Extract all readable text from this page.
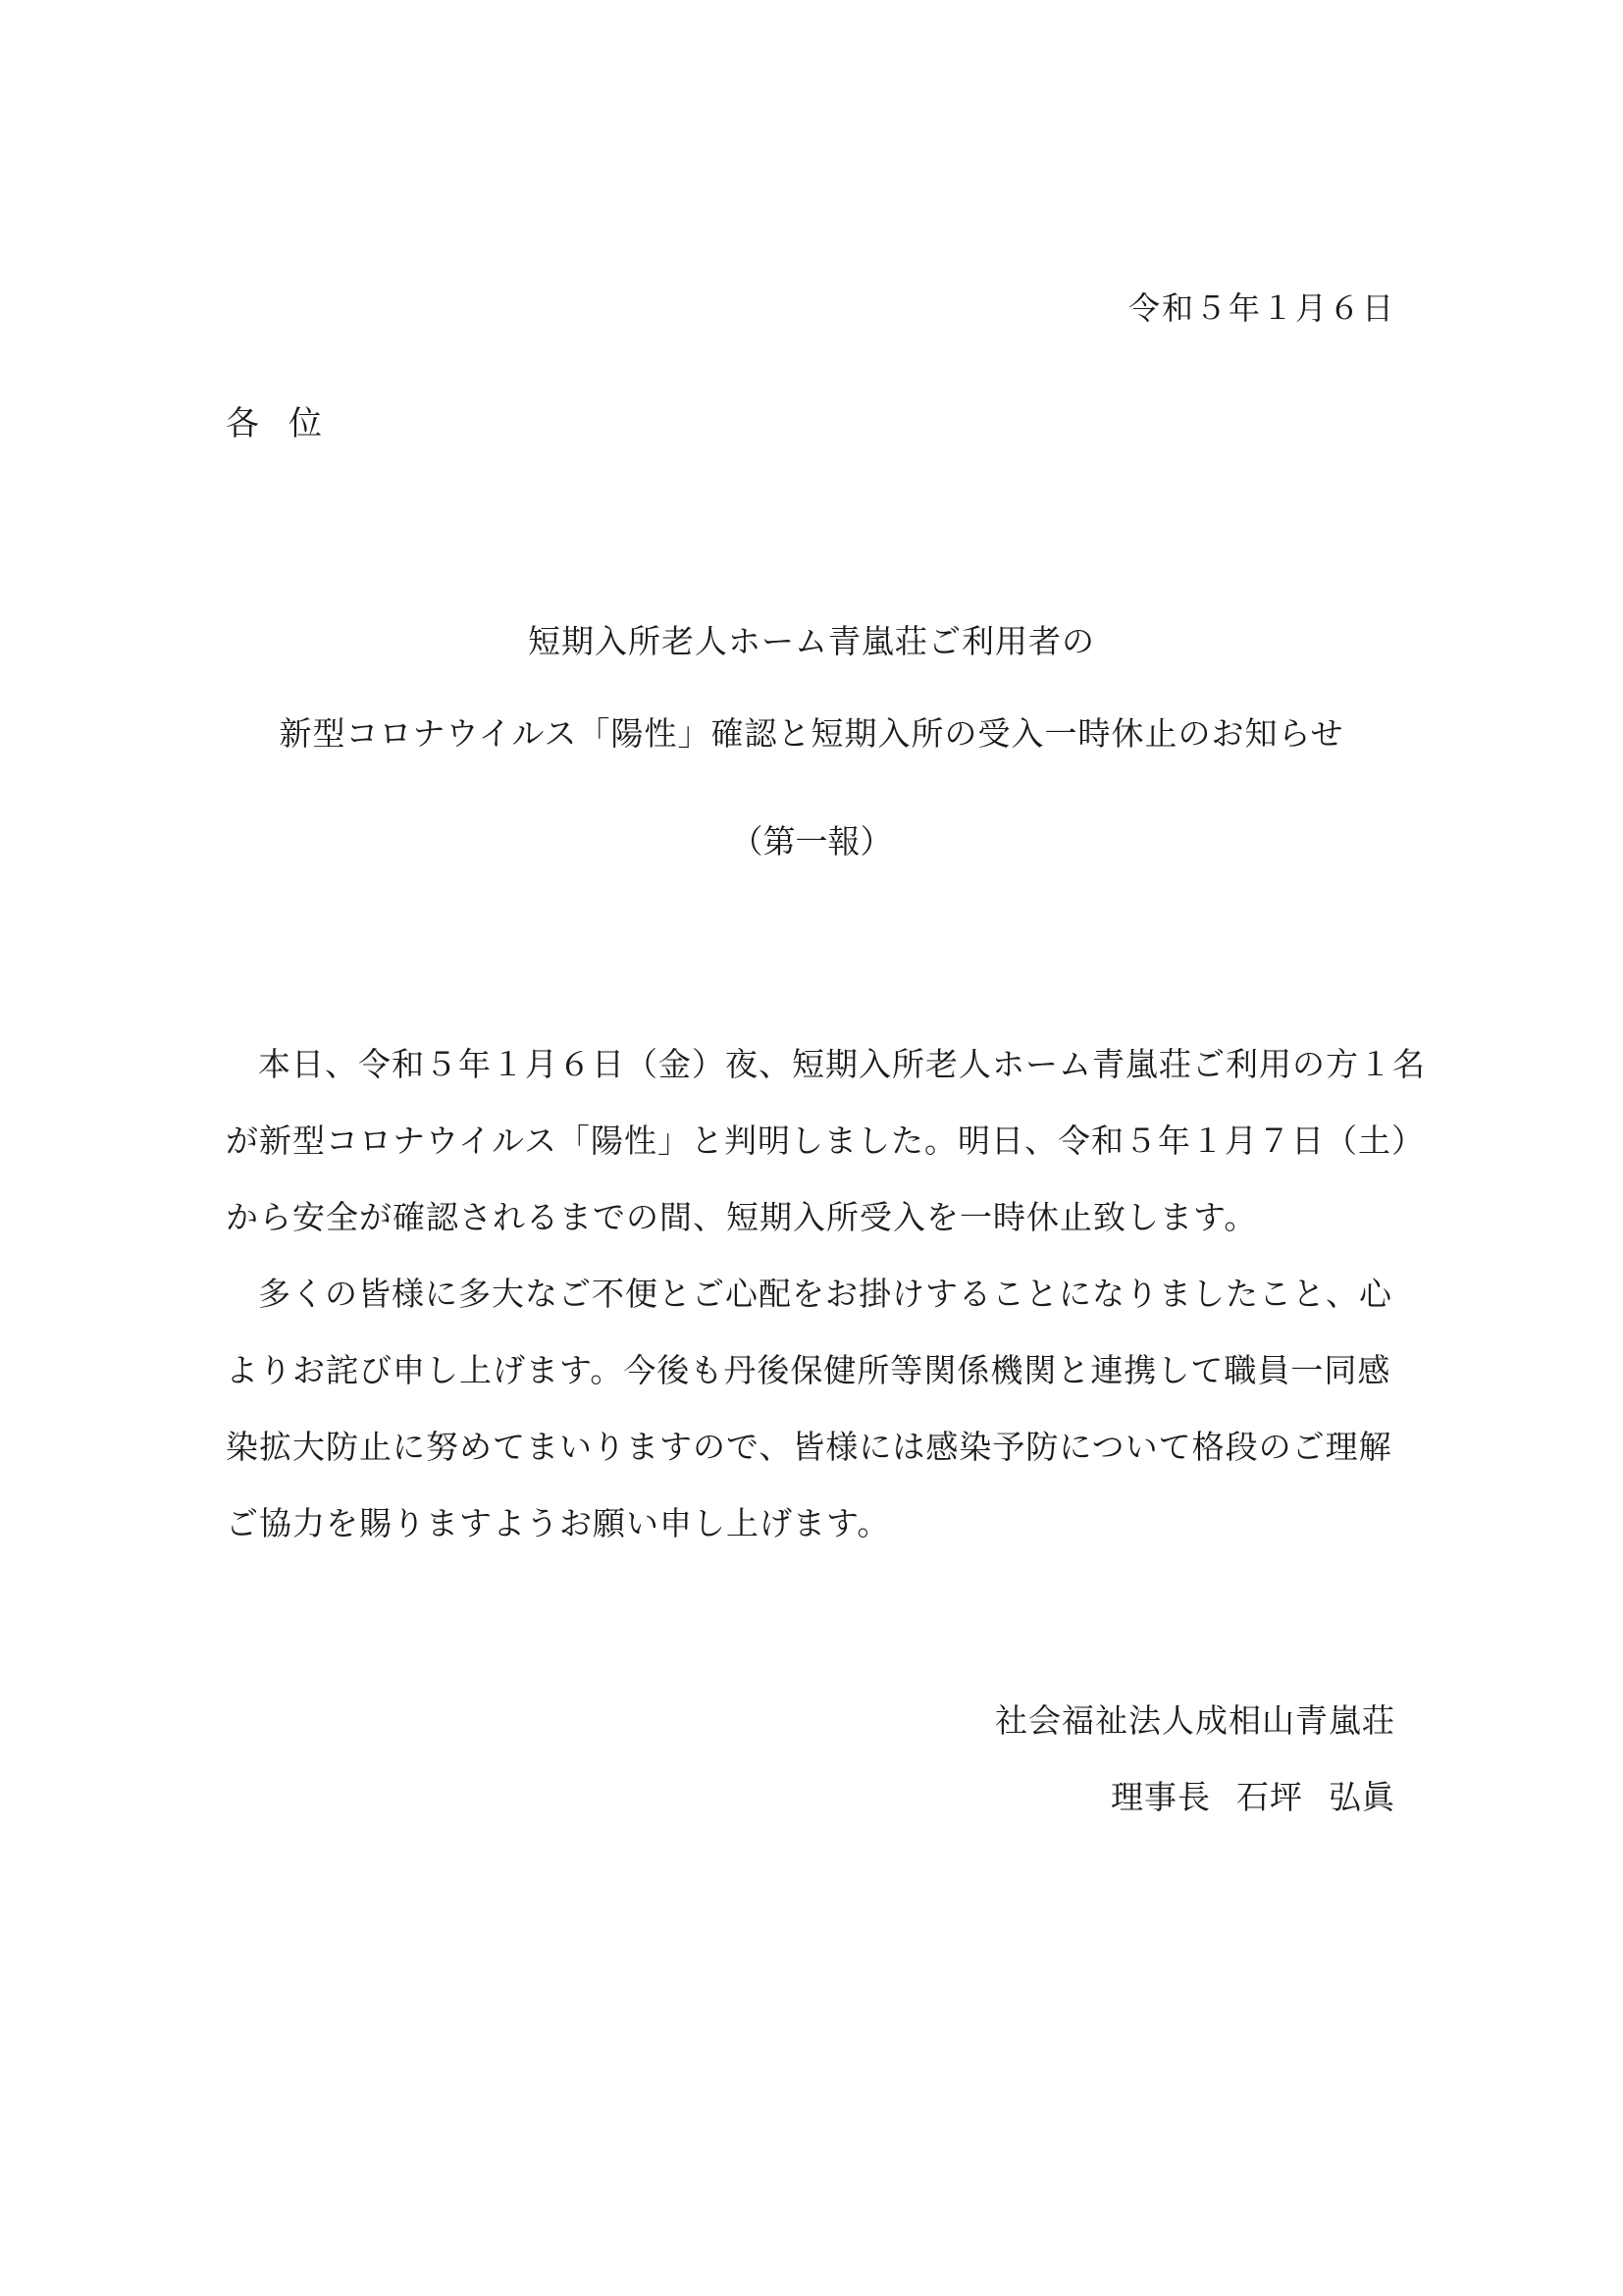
令和５年１月６日
各位
短期入所老人ホーム青嵐荘ご利用者の
新型コロナウイルス「陽性」確認と短期入所の受入一時休止のお知らせ
（第一報）

本日、令和５年１月６日（金）夜、短期入所老人ホーム青嵐荘ご利用の方１名
が新型コロナウイルス「陽性」と判明しました。明日、令和５年１月７日（土）
から安全が確認されるまでの間、短期入所受入を一時休止致します。

多くの皆様に多大なご不便とご心配をお掛けすることになりましたこと、心
よりお詫び申し上げます。今後も丹後保健所等関係機関と連携して職員一同感
染拡大防止に努めてまいりますので、皆様には感染予防について格段のご理解
ご協力を賜りますようお願い申し上げます。

社会福祉法人成相山青嵐荘
理事長 石坪 弘眞
